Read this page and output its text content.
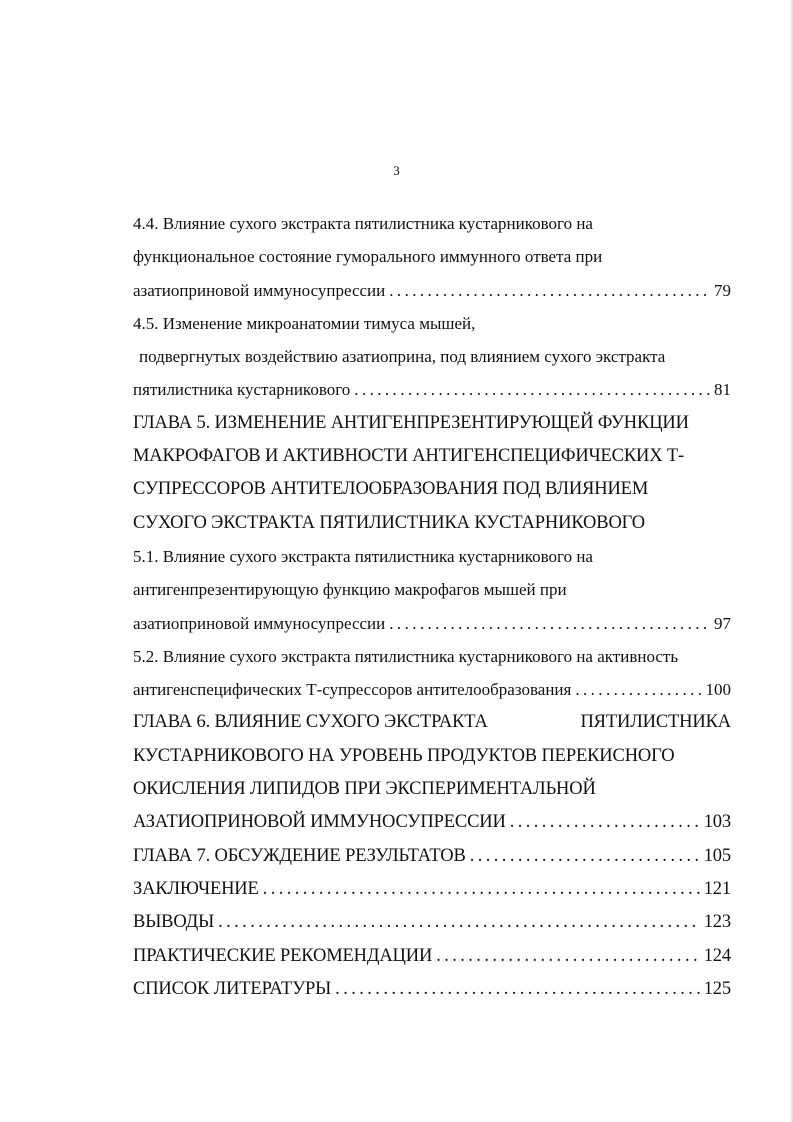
3
4.4. Влияние сухого экстракта пятилистника кустарникового на
функциональное состояние гуморального иммунного ответа при
азатиоприновой иммуносупрессии .....	79
4.5. Изменение микроанатомии тимуса мышей,
подвергнутых воздействию азатиоприна, под влиянием сухого экстракта
пятилистника кустарникового .....	81
ГЛАВА 5. ИЗМЕНЕНИЕ АНТИГЕНПРЕЗЕНТИРУЮЩЕЙ ФУНКЦИИ
МАКРОФАГОВ И АКТИВНОСТИ АНТИГЕНСПЕЦИФИЧЕСКИХ Т-
СУПРЕССОРОВ АНТИТЕЛООБРАЗОВАНИЯ ПОД ВЛИЯНИЕМ
СУХОГО ЭКСТРАКТА ПЯТИЛИСТНИКА КУСТАРНИКОВОГО
5.1. Влияние сухого экстракта пятилистника кустарникового на
антигенпрезентирующую функцию макрофагов мышей при
азатиоприновой иммуносупрессии .....	97
5.2. Влияние сухого экстракта пятилистника кустарникового на активность
антигенспецифических Т-супрессоров антителообразования .....	100
ГЛАВА 6. ВЛИЯНИЕ СУХОГО ЭКСТРАКТА	ПЯТИЛИСТНИКА
КУСТАРНИКОВОГО НА УРОВЕНЬ ПРОДУКТОВ ПЕРЕКИСНОГО
ОКИСЛЕНИЯ ЛИПИДОВ ПРИ ЭКСПЕРИМЕНТАЛЬНОЙ
АЗАТИОПРИНОВОЙ ИММУНОСУПРЕССИИ .....	103
ГЛАВА 7. ОБСУЖДЕНИЕ РЕЗУЛЬТАТОВ .....	105
ЗАКЛЮЧЕНИЕ .....	121
ВЫВОДЫ .....	123
ПРАКТИЧЕСКИЕ РЕКОМЕНДАЦИИ .....	124
СПИСОК ЛИТЕРАТУРЫ .....	125
